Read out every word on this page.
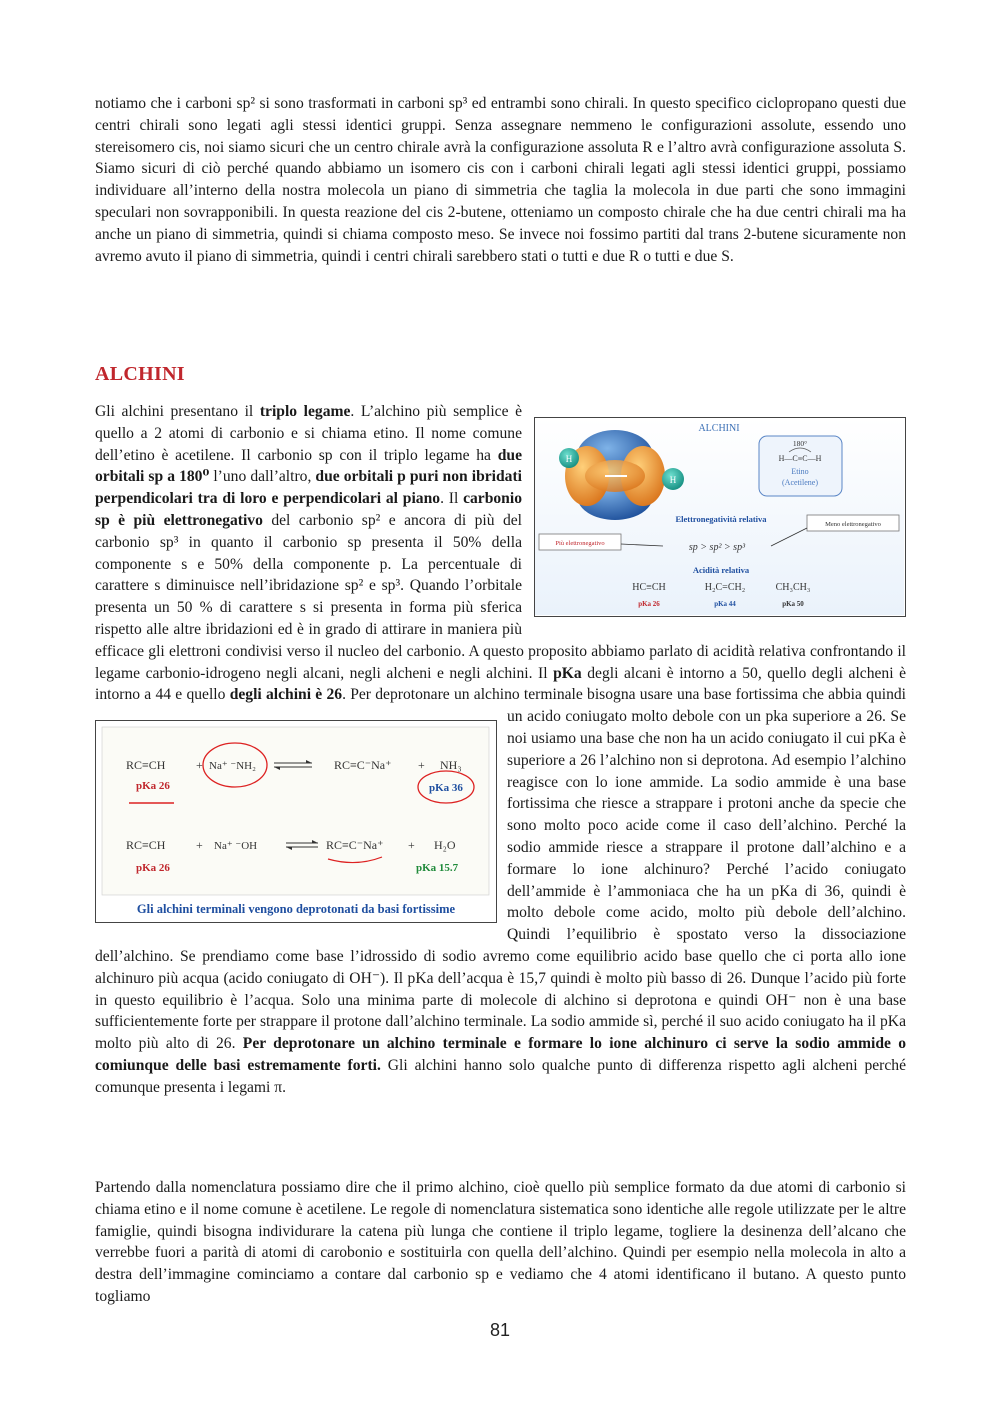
notiamo che i carboni sp² si sono trasformati in carboni sp³ ed entrambi sono chirali. In questo specifico ciclopropano questi due centri chirali sono legati agli stessi identici gruppi. Senza assegnare nemmeno le configurazioni assolute, essendo uno stereisomero cis, noi siamo sicuri che un centro chirale avrà la configurazione assoluta R e l’altro avrà configurazione assoluta S. Siamo sicuri di ciò perché quando abbiamo un isomero cis con i carboni chirali legati agli stessi identici gruppi, possiamo individuare all’interno della nostra molecola un piano di simmetria che taglia la molecola in due parti che sono immagini speculari non sovrapponibili. In questa reazione del cis 2-butene, otteniamo un composto chirale che ha due centri chirali ma ha anche un piano di simmetria, quindi si chiama composto meso. Se invece noi fossimo partiti dal trans 2-butene sicuramente non avremo avuto il piano di simmetria, quindi i centri chirali sarebbero stati o tutti e due R o tutti e due S.

ALCHINI
H
H
ALCHINI
180°
H—C≡C—H
Etino
(Acetilene)
Elettronegatività relativa
Meno elettronegativo
Più elettronegativo	sp > sp² > sp³
Acidità relativa
HC≡CH	H₂C=CH₂	CH₃CH₃
pKa 26	pKa 44	pKa 50
Gli alchini presentano il triplo legame. L’alchino più semplice è quello a 2 atomi di carbonio e si chiama etino. Il nome comune dell’etino è acetilene. Il carbonio sp con il triplo legame ha due orbitali sp a 180⁰ l’uno dall’altro, due orbitali p puri non ibridati perpendicolari tra di loro e perpendicolari al piano. Il carbonio sp è più elettronegativo del carbonio sp² e ancora di più del carbonio sp³ in quanto il carbonio sp presenta il 50% della componente s e 50% della componente p. La percentuale di carattere s diminuisce nell’ibridazione sp² e sp³. Quando l’orbitale presenta un 50 % di carattere s si presenta in forma più sferica rispetto alle altre ibridazioni ed è in grado di attirare in maniera più efficace gli elettroni condivisi verso il nucleo del carbonio. A questo proposito abbiamo parlato di acidità relativa confrontando il legame carbonio-idrogeno negli alcani, negli alcheni e negli alchini. Il pKa degli alcani è intorno a 50, quello degli alcheni è intorno a 44 e quello degli alchini è 26. Per deprotonare un alchino
terminale bisogna usare una base fortissima che abbia quindi un acido coniugato molto debole con un pka superiore a 26. Se noi usiamo una base che non ha un acido coniugato il cui pKa è superiore a 26 l’alchino non si deprotona. Ad esempio l’alchino reagisce con lo ione ammide. La sodio ammide è una base fortissima che riesce a strappare i protoni anche da specie che sono molto poco acide come il caso dell’alchino. Perché la sodio ammide riesce a strappare il protone dall’alchino e a formare lo ione alchinuro? Perché l’acido coniugato dell’ammide è l’ammoniaca che ha un pKa di 36, quindi è molto debole come acido, molto più debole dell’alchino. Quindi l’equilibrio è spostato verso la dissociazione dell’alchino. Se prendiamo come base l’idrossido di sodio avremo come equilibrio acido base quello che ci porta allo ione alchinuro più acqua (acido coniugato di OH⁻). Il pKa dell’acqua è 15,7 quindi è molto più basso di 26. Dunque l’acido più forte in questo equilibrio è l’acqua. Solo una minima parte di molecole di alchino si deprotona e quindi OH⁻ non è una base sufficientemente forte per strappare il protone dall’alchino terminale. La sodio ammide sì, perché il suo acido coniugato ha il pKa molto più alto di 26. Per deprotonare un alchino terminale e formare lo ione alchinuro ci serve la sodio ammide o comiunque delle basi estremamente forti. Gli alchini hanno solo qualche punto di differenza rispetto agli alcheni perché comunque presenta i legami π.
RC≡CH	+ Na⁺ ⁻NH₂	RC≡C⁻Na⁺ + NH₃
pKa 26	pKa 36
RC≡CH	+ Na⁺ ⁻OH	RC≡C⁻Na⁺ + H₂O
pKa 26	pKa 15.7
Gli alchini terminali vengono deprotonati da basi fortissime

Partendo dalla nomenclatura possiamo dire che il primo alchino, cioè quello più semplice formato da due atomi di carbonio si chiama etino e il nome comune è acetilene. Le regole di nomenclatura sistematica sono identiche alle regole utilizzate per le altre famiglie, quindi bisogna individurare la catena più lunga che contiene il triplo legame, togliere la desinenza dell’alcano che verrebbe fuori a parità di atomi di carobonio e sostituirla con quella dell’alchino. Quindi per esempio nella molecola in alto a destra dell’immagine cominciamo a contare dal carbonio sp e vediamo che 4 atomi identificano il butano. A questo punto togliamo

81
